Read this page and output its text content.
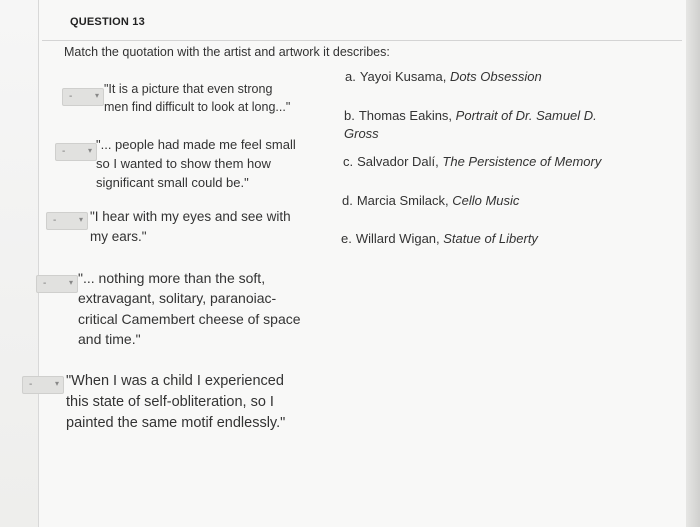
QUESTION 13
Match the quotation with the artist and artwork it describes:
-	▾ "It is a picture that even strong
men find difficult to look at long..."
-	▾ "... people had made me feel small
so I wanted to show them how
significant small could be."
-	▾ "I hear with my eyes and see with
my ears."
-	▾ "... nothing more than the soft,
extravagant, solitary, paranoiac-
critical Camembert cheese of space
and time."
-	▾ "When I was a child I experienced
this state of self-obliteration, so I
painted the same motif endlessly."
a. Yayoi Kusama, Dots Obsession
b. Thomas Eakins, Portrait of Dr. Samuel D. Gross
c. Salvador Dalí, The Persistence of Memory
d. Marcia Smilack, Cello Music
e. Willard Wigan, Statue of Liberty
